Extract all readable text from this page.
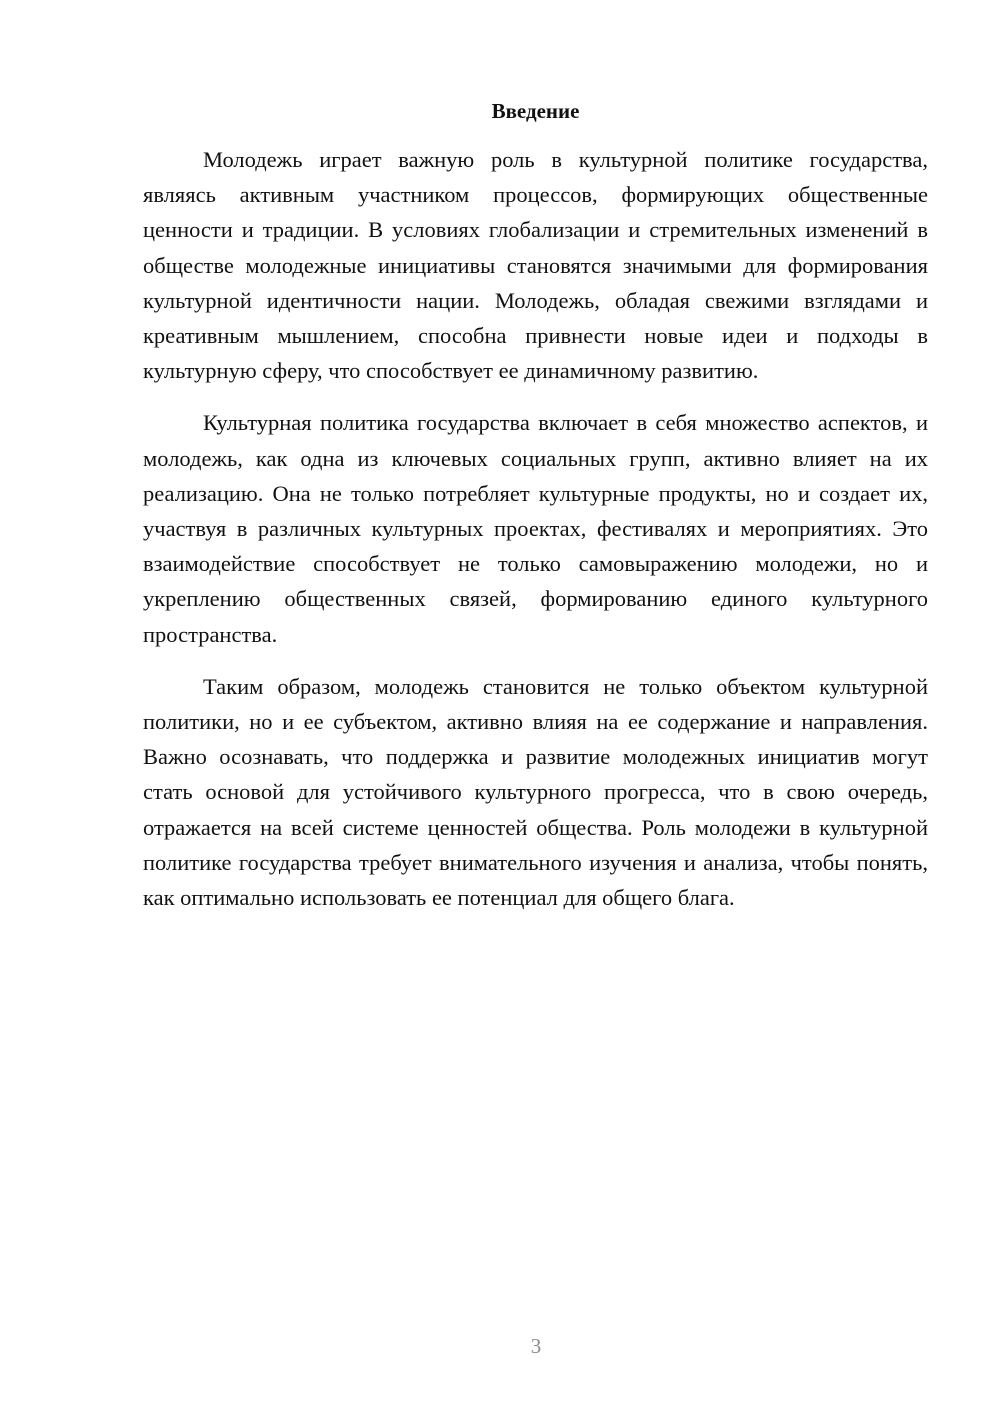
Введение

Молодежь играет важную роль в культурной политике государства, являясь активным участником процессов, формирующих общественные ценности и традиции. В условиях глобализации и стремительных изменений в обществе молодежные инициативы становятся значимыми для формирования культурной идентичности нации. Молодежь, обладая свежими взглядами и креативным мышлением, способна привнести новые идеи и подходы в культурную сферу, что способствует ее динамичному развитию.

Культурная политика государства включает в себя множество аспектов, и молодежь, как одна из ключевых социальных групп, активно влияет на их реализацию. Она не только потребляет культурные продукты, но и создает их, участвуя в различных культурных проектах, фестивалях и мероприятиях. Это взаимодействие способствует не только самовыражению молодежи, но и укреплению общественных связей, формированию единого культурного пространства.

Таким образом, молодежь становится не только объектом культурной политики, но и ее субъектом, активно влияя на ее содержание и направления. Важно осознавать, что поддержка и развитие молодежных инициатив могут стать основой для устойчивого культурного прогресса, что в свою очередь, отражается на всей системе ценностей общества. Роль молодежи в культурной политике государства требует внимательного изучения и анализа, чтобы понять, как оптимально использовать ее потенциал для общего блага.

3
